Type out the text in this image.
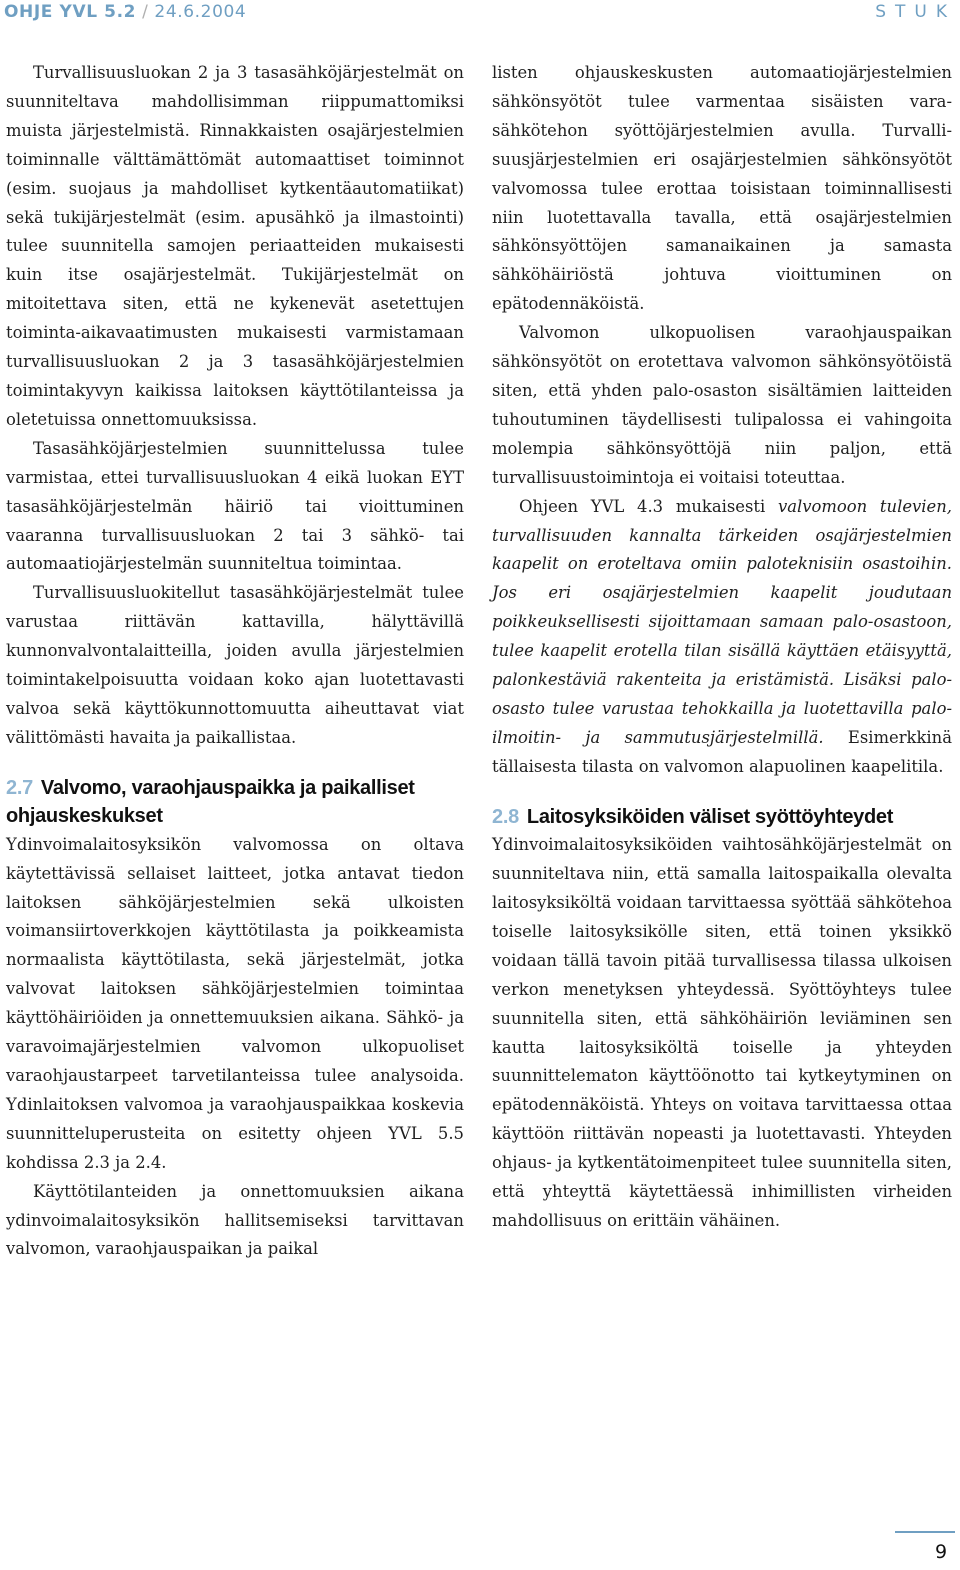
OHJE YVL 5.2 / 24.6.2004	STUK

Turvallisuusluokan 2 ja 3 tasasähköjärjestelmät on suunniteltava mahdollisimman riippumattomiksi muista järjestelmistä. Rinnakkaisten osajärjestelmien toiminnalle välttämättömät automaattiset toiminnot (esim. suojaus ja mahdolliset kytkentäautomatiikat) sekä tukijärjestelmät (esim. apusähkö ja ilmastointi) tulee suunnitella samojen periaatteiden mukaisesti kuin itse osajärjestelmät. Tukijärjestelmät on mitoitettava siten, että ne kykenevät asetettujen toiminta-aikavaatimusten mukaisesti varmistamaan turvallisuusluokan 2 ja 3 tasasähköjärjestelmien toimintakyvyn kaikissa laitoksen käyttötilanteissa ja oletetuissa onnettomuuksissa.

Tasasähköjärjestelmien suunnittelussa tulee varmistaa, ettei turvallisuusluokan 4 eikä luokan EYT tasasähköjärjestelmän häiriö tai vioittuminen vaaranna turvallisuusluokan 2 tai 3 sähkö- tai automaatiojärjestelmän suunniteltua toimintaa.

Turvallisuusluokitellut tasasähköjärjestelmät tulee varustaa riittävän kattavilla, hälyttävillä kunnonvalvontalaitteilla, joiden avulla järjestelmien toimintakelpoisuutta voidaan koko ajan luotettavasti valvoa sekä käyttökunnottomuutta aiheuttavat viat välittömästi havaita ja paikallistaa.

2.7 Valvomo, varaohjauspaikka ja paikalliset ohjauskeskukset

Ydinvoimalaitosyksikön valvomossa on oltava käytettävissä sellaiset laitteet, jotka antavat tiedon laitoksen sähköjärjestelmien sekä ulkoisten voimansiirtoverkkojen käyttötilasta ja poikkeamista normaalista käyttötilasta, sekä järjestelmät, jotka valvovat laitoksen sähköjärjestelmien toimintaa käyttöhäiriöiden ja onnettemuuksien aikana. Sähkö- ja varavoimajärjestelmien valvomon ulkopuoliset varaohjaustarpeet tarvetilanteissa tulee analysoida. Ydinlaitoksen valvomoa ja varaohjauspaikkaa koskevia suunnitteluperusteita on esitetty ohjeen YVL 5.5 kohdissa 2.3 ja 2.4.

Käyttötilanteiden ja onnettomuuksien aikana ydinvoimalaitosyksikön hallitsemiseksi tarvittavan valvomon, varaohjauspaikan ja paikal

listen ohjauskeskusten automaatiojärjestelmien sähkönsyötöt tulee varmentaa sisäisten varasähkötehon syöttöjärjestelmien avulla. Turvallisuusjärjestelmien eri osajärjestelmien sähkönsyötöt valvomossa tulee erottaa toisistaan toiminnallisesti niin luotettavalla tavalla, että osajärjestelmien sähkönsyöttöjen samanaikainen ja samasta sähköhäiriöstä johtuva vioittuminen on epätodennäköistä.

Valvomon ulkopuolisen varaohjauspaikan sähkönsyötöt on erotettava valvomon sähkönsyötöistä siten, että yhden palo-osaston sisältämien laitteiden tuhoutuminen täydellisesti tulipalossa ei vahingoita molempia sähkönsyöttöjä niin paljon, että turvallisuustoimintoja ei voitaisi toteuttaa.

Ohjeen YVL 4.3 mukaisesti valvomoon tulevien, turvallisuuden kannalta tärkeiden osajärjestelmien kaapelit on eroteltava omiin paloteknisiin osastoihin. Jos eri osajärjestelmien kaapelit joudutaan poikkeuksellisesti sijoittamaan samaan palo-osastoon, tulee kaapelit erotella tilan sisällä käyttäen etäisyyttä, palonkestäviä rakenteita ja eristämistä. Lisäksi palo-osasto tulee varustaa tehokkailla ja luotettavilla paloilmoitin- ja sammutusjärjestelmillä. Esimerkkinä tällaisesta tilasta on valvomon alapuolinen kaapelitila.

2.8 Laitosyksiköiden väliset syöttöyhteydet

Ydinvoimalaitosyksiköiden vaihtosähköjärjestelmät on suunniteltava niin, että samalla laitospaikalla olevalta laitosyksiköltä voidaan tarvittaessa syöttää sähkötehoa toiselle laitosyksikölle siten, että toinen yksikkö voidaan tällä tavoin pitää turvallisessa tilassa ulkoisen verkon menetyksen yhteydessä. Syöttöyhteys tulee suunnitella siten, että sähköhäiriön leviäminen sen kautta laitosyksiköltä toiselle ja yhteyden suunnittelematon käyttöönotto tai kytkeytyminen on epätodennäköistä. Yhteys on voitava tarvittaessa ottaa käyttöön riittävän nopeasti ja luotettavasti. Yhteyden ohjaus- ja kytkentätoimenpiteet tulee suunnitella siten, että yhteyttä käytettäessä inhimillisten virheiden mahdollisuus on erittäin vähäinen.

9
